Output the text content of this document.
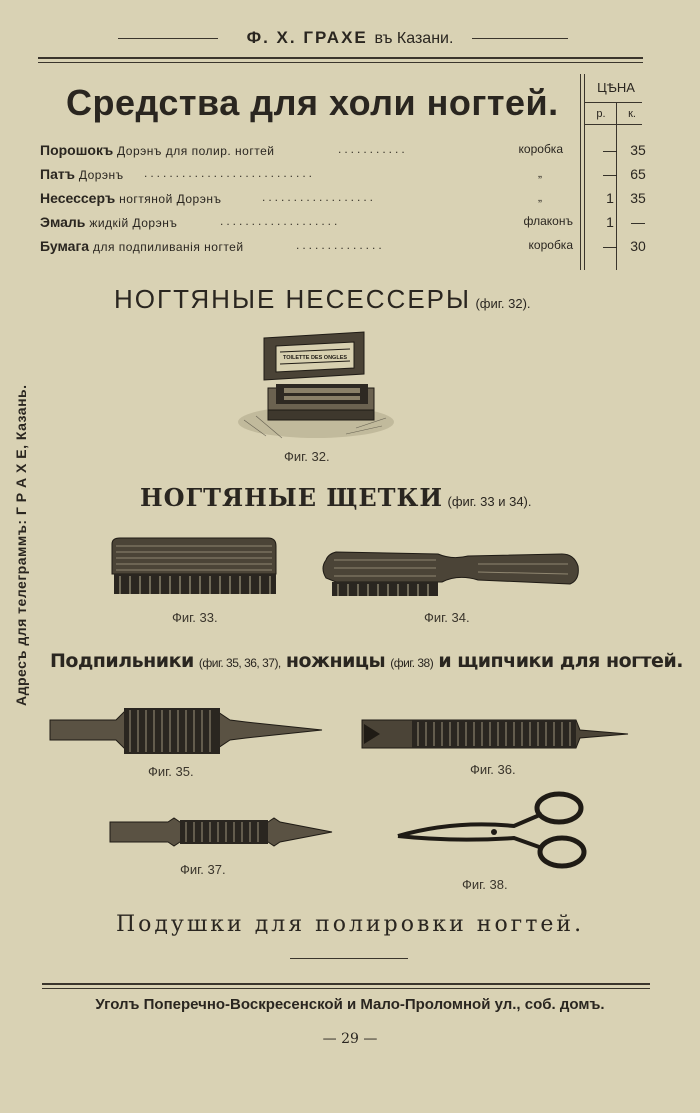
Ф. Х. ГРАХЕ въ Казани.
Средства для холи ногтей.	ЦѢНА
р.	к.
Порошокъ Дорэнъ для полир. ногтей	...........	коробка	— 35
Патъ Дорэнъ ...........................	„	— 65
Несессеръ ногтяной Дорэнъ	..................	„	1	35
Эмаль жидкій Дорэнъ	...................	флаконъ	1	—
Бумага для подпиливанія ногтей	..............	коробка	— 30
НОГТЯНЫЕ НЕСЕССЕРЫ (фиг. 32).
TOILETTE DES ONGLES
Фиг. 32.
НОГТЯНЫЕ ЩЕТКИ (фиг. 33 и 34).
Фиг. 33.	Фиг. 34.
Подпильники (фиг. 35, 36, 37), ножницы (фиг. 38) и щипчики для ногтей.
Фиг. 35.	Фиг. 36.
Фиг. 37.
Фиг. 38.
Подушки для полировки ногтей.
Адресъ для телеграммъ: Г Р А Х Е, Казань.
Уголъ Поперечно-Воскресенской и Мало-Проломной ул., соб. домъ.
— 29 —
